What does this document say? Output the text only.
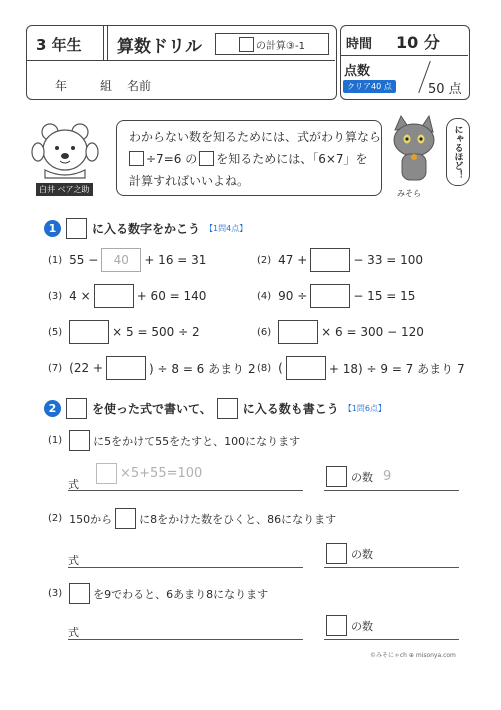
3 年生 算数ドリル	の計算③-1
年	組 名前
時間 10 分
点数
クリア40 点	50 点
白井 ベア之助
わからない数を知るためには、式がわり算なら
÷7=6 の を知るためには、「6×7」を
計算すればいいよね。
にゃるほど！
みそら
1	に入る数字をかこう 【1問4点】
(1) 55 − 40 + 16 = 31	(2) 47 +	− 33 = 100
(3) 4 ×	+ 60 = 140	(4) 90 ÷	− 15 = 15
(5)	× 5 = 500 ÷ 2	(6)	× 6 = 300 − 120
(7) (22 +	) ÷ 8 = 6 あまり 2 (8) (	+ 18) ÷ 9 = 7 あまり 7
2	を使った式で書いて、	に入る数も書こう 【1問6点】
(1)	に5をかけて55をたすと、100になります
式
×5+55=100	の数 9
(2) 150から に8をかけた数をひくと、86になります
式	の数
(3)	を9でわると、6あまり8になります
式	の数
©みそにゃch ⊕ misonya.com
